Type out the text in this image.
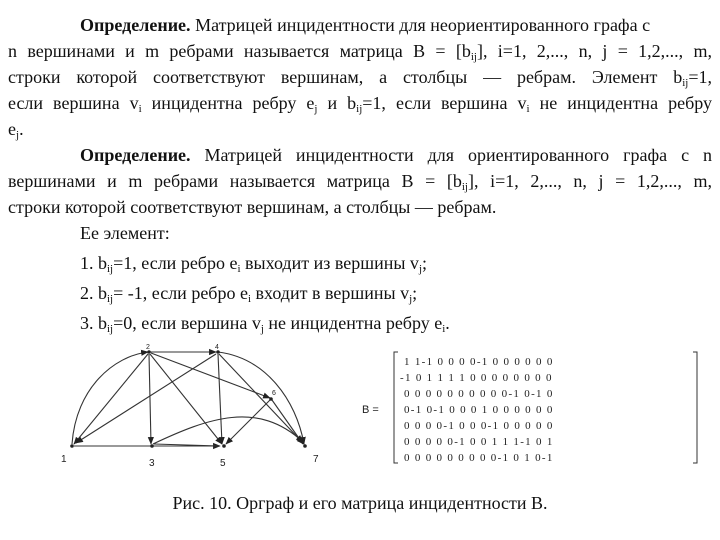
Определение. Матрицей инцидентности для неориентированного графа с
n вершинами и m ребрами называется матрица $B = [b_{ij}]$, i=1, 2,..., n, j = 1,2,..., m,
строки которой соответствуют вершинам, а столбцы — ребрам. Элемент $b_{ij}=1$,
если вершина $v_i$ инцидентна ребру $e_j$ и $b_{ij}=1$, если вершина $v_i$ не инцидентна ребру
$e_j$.
Определение. Матрицей инцидентности для ориентированного графа с n
вершинами и m ребрами называется матрица $B = [b_{ij}]$, i=1, 2,..., n, j = 1,2,..., m,
строки которой соответствуют вершинам, а столбцы — ребрам.
Ее элемент:
1. $b_{ij}=1$, если ребро $e_i$ выходит из вершины $v_j$;
2. $b_{ij}= -1$, если ребро $e_i$ входит в вершины $v_j$;
3. $b_{ij}=0$, если вершина $v_j$ не инцидентна ребру $e_i$.
1
2
3
4
5
6
7
B =
1 1-1 0 0 0 0-1 0 0 0 0 0 0
-1 0 1 1 1 1 0 0 0 0 0 0 0 0
0 0 0 0 0 0 0 0 0 0-1 0-1 0
0-1 0-1 0 0 0 1 0 0 0 0 0 0
0 0 0 0-1 0 0 0-1 0 0 0 0 0
0 0 0 0 0-1 0 0 1 1 1-1 0 1
0 0 0 0 0 0 0 0 0-1 0 1 0-1
Рис. 10. Орграф и его матрица инцидентности B.
